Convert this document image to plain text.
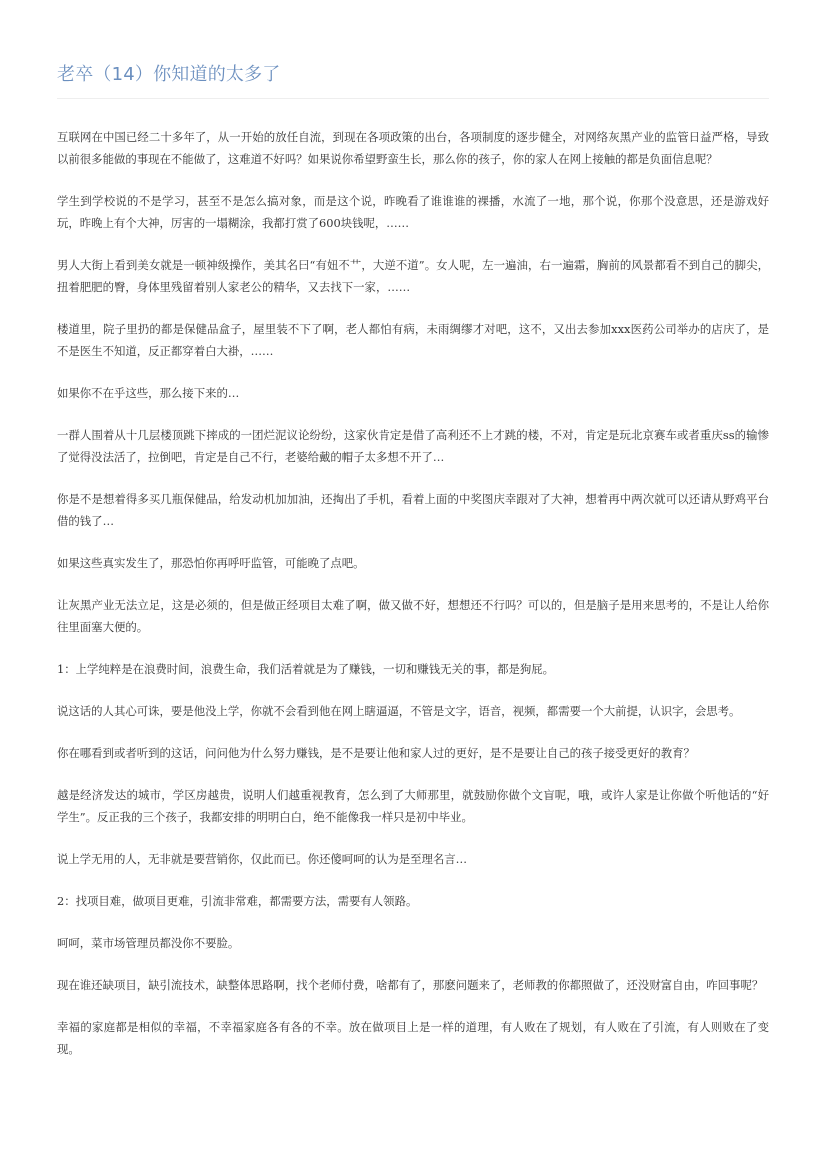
老卒（14）你知道的太多了

互联网在中国已经二十多年了，从一开始的放任自流，到现在各项政策的出台，各项制度的逐步健全，对网络灰黑产业的监管日益严格，导致以前很多能做的事现在不能做了，这难道不好吗？如果说你希望野蛮生长，那么你的孩子，你的家人在网上接触的都是负面信息呢？

学生到学校说的不是学习，甚至不是怎么搞对象，而是这个说，昨晚看了谁谁谁的裸播，水流了一地，那个说，你那个没意思，还是游戏好玩，昨晚上有个大神，厉害的一塌糊涂，我都打赏了600块钱呢，……

男人大街上看到美女就是一顿神级操作，美其名曰“有妞不艹，大逆不道”。女人呢，左一遍油，右一遍霜，胸前的风景都看不到自己的脚尖，扭着肥肥的臀，身体里残留着别人家老公的精华，又去找下一家，……

楼道里，院子里扔的都是保健品盒子，屋里装不下了啊，老人都怕有病，未雨绸缪才对吧，这不，又出去参加xxx医药公司举办的店庆了，是不是医生不知道，反正都穿着白大褂，……

如果你不在乎这些，那么接下来的…

一群人围着从十几层楼顶跳下摔成的一团烂泥议论纷纷，这家伙肯定是借了高利还不上才跳的楼，不对，肯定是玩北京赛车或者重庆ss的输惨了觉得没法活了，拉倒吧，肯定是自己不行，老婆给戴的帽子太多想不开了…

你是不是想着得多买几瓶保健品，给发动机加加油，还掏出了手机，看着上面的中奖图庆幸跟对了大神，想着再中两次就可以还请从野鸡平台借的钱了…

如果这些真实发生了，那恐怕你再呼吁监管，可能晚了点吧。

让灰黑产业无法立足，这是必须的，但是做正经项目太难了啊，做又做不好，想想还不行吗？可以的，但是脑子是用来思考的，不是让人给你往里面塞大便的。

1：上学纯粹是在浪费时间，浪费生命，我们活着就是为了赚钱，一切和赚钱无关的事，都是狗屁。

说这话的人其心可诛，要是他没上学，你就不会看到他在网上瞎逼逼，不管是文字，语音，视频，都需要一个大前提，认识字，会思考。

你在哪看到或者听到的这话，问问他为什么努力赚钱，是不是要让他和家人过的更好，是不是要让自己的孩子接受更好的教育？

越是经济发达的城市，学区房越贵，说明人们越重视教育，怎么到了大师那里，就鼓励你做个文盲呢，哦，或许人家是让你做个听他话的“好学生”。反正我的三个孩子，我都安排的明明白白，绝不能像我一样只是初中毕业。

说上学无用的人，无非就是要营销你，仅此而已。你还傻呵呵的认为是至理名言…

2：找项目难，做项目更难，引流非常难，都需要方法，需要有人领路。

呵呵，菜市场管理员都没你不要脸。

现在谁还缺项目，缺引流技术，缺整体思路啊，找个老师付费，啥都有了，那麽问题来了，老师教的你都照做了，还没财富自由，咋回事呢？

幸福的家庭都是相似的幸福，不幸福家庭各有各的不幸。放在做项目上是一样的道理，有人败在了规划，有人败在了引流，有人则败在了变现。
